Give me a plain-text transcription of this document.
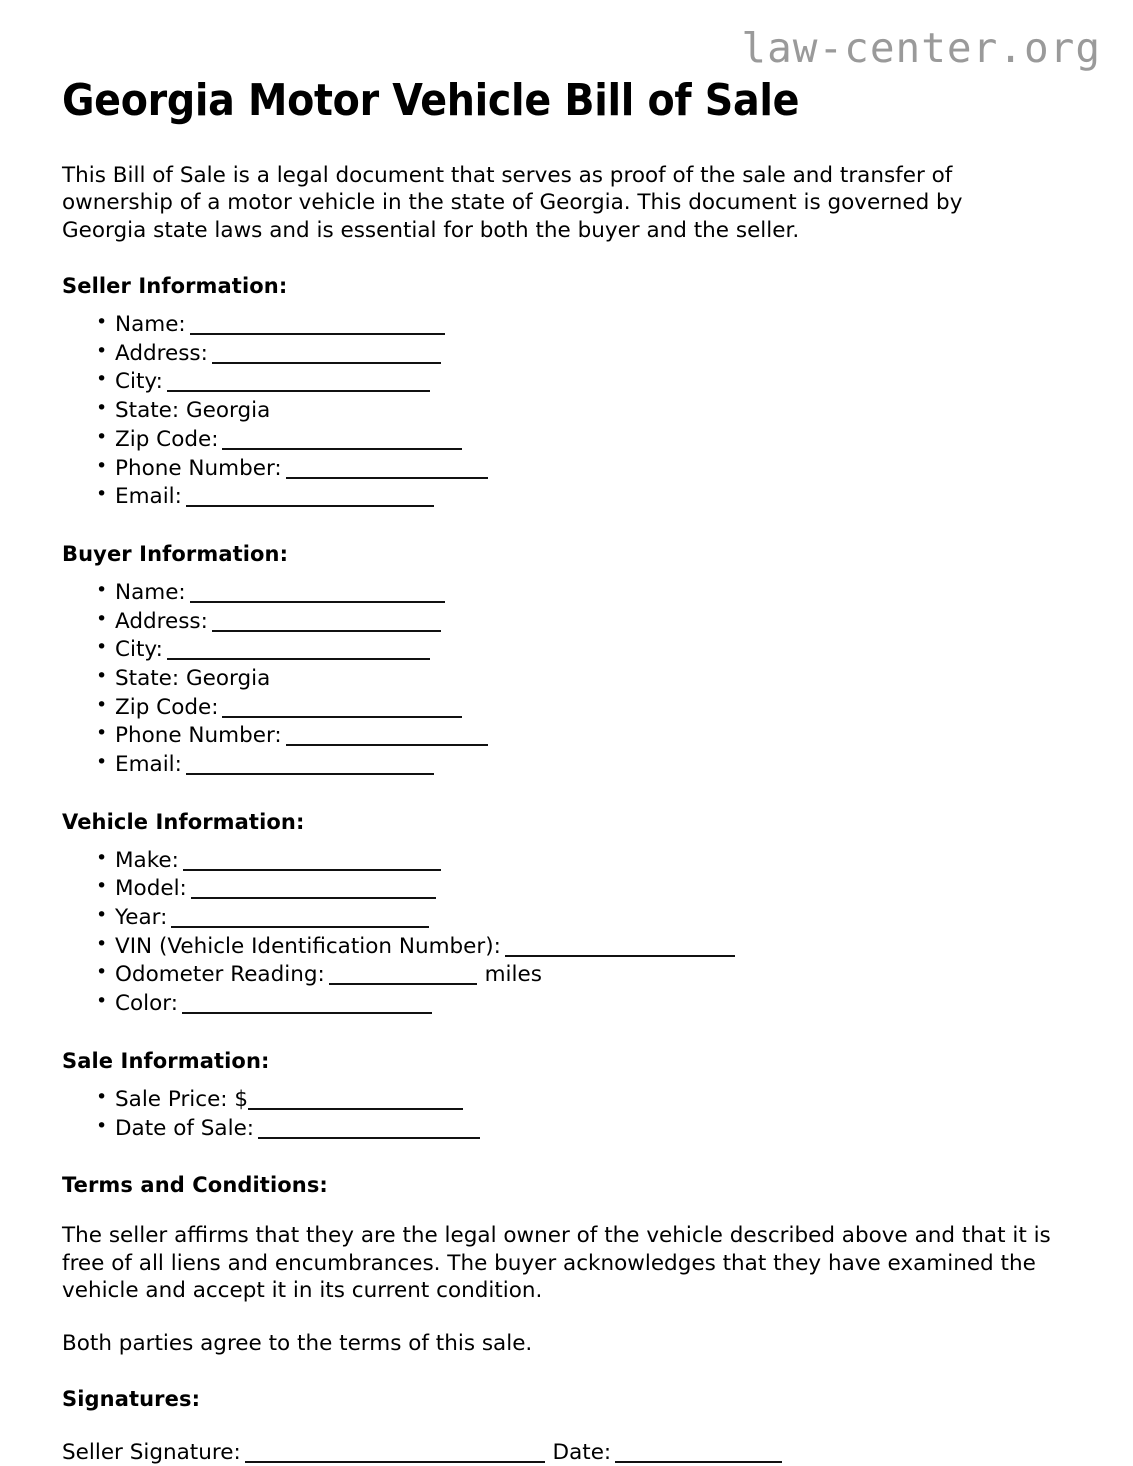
law-center.org
Georgia Motor Vehicle Bill of Sale

This Bill of Sale is a legal document that serves as proof of the sale and transfer of ownership of a motor vehicle in the state of Georgia. This document is governed by Georgia state laws and is essential for both the buyer and the seller.

Seller Information:
• Name:
• Address:
• City:
• State: Georgia
• Zip Code:
• Phone Number:
• Email:
Buyer Information:
• Name:
• Address:
• City:
• State: Georgia
• Zip Code:
• Phone Number:
• Email:
Vehicle Information:
• Make:
• Model:
• Year:
• VIN (Vehicle Identification Number):
• Odometer Reading:	miles
• Color:
Sale Information:
• Sale Price: $
• Date of Sale:
Terms and Conditions:

The seller affirms that they are the legal owner of the vehicle described above and that it is free of all liens and encumbrances. The buyer acknowledges that they have examined the vehicle and accept it in its current condition.

Both parties agree to the terms of this sale.

Signatures:

Seller Signature:	Date:
